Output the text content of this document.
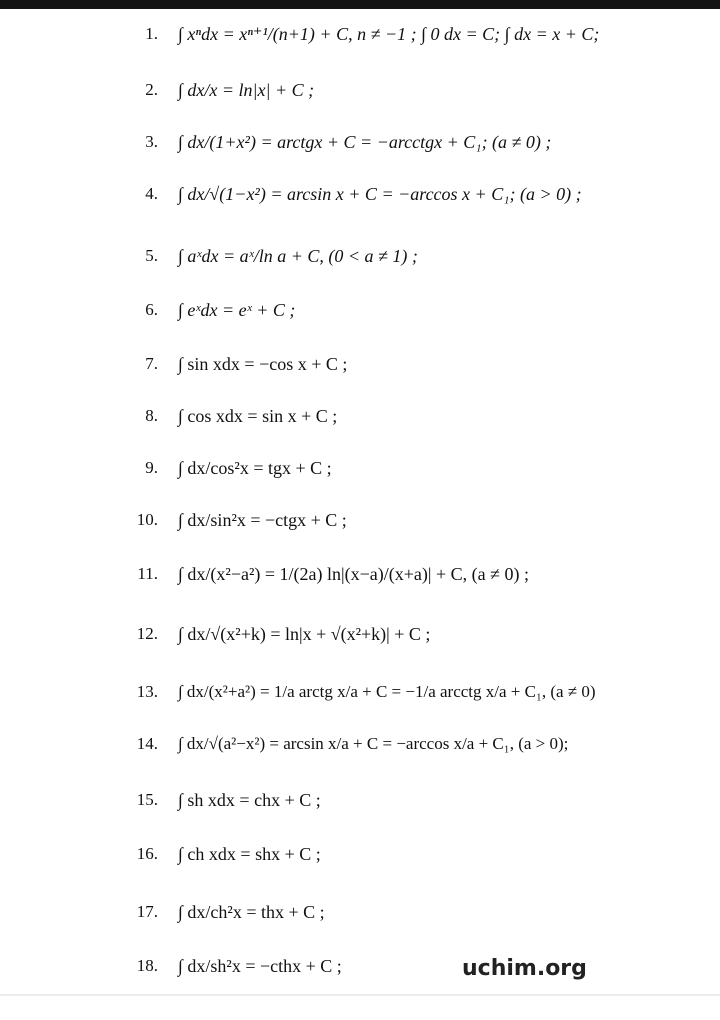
1. ∫ xⁿdx = xⁿ⁺¹/(n+1) + C, n ≠ −1 ; ∫ 0 dx = C; ∫ dx = x + C;
2. ∫ dx/x = ln|x| + C ;
3. ∫ dx/(1+x²) = arctgx + C = −arcctgx + C₁; (a ≠ 0) ;
4. ∫ dx/√(1−x²) = arcsin x + C = −arccos x + C₁; (a > 0) ;
5. ∫ aˣdx = aˣ/ln a + C, (0 < a ≠ 1) ;
6. ∫ eˣdx = eˣ + C ;
7. ∫ sin xdx = −cos x + C ;
8. ∫ cos xdx = sin x + C ;
9. ∫ dx/cos²x = tgx + C ;
10. ∫ dx/sin²x = −ctgx + C ;
11. ∫ dx/(x²−a²) = 1/(2a) ln|(x−a)/(x+a)| + C, (a ≠ 0) ;
12. ∫ dx/√(x²+k) = ln|x + √(x²+k)| + C ;
13. ∫ dx/(x²+a²) = 1/a arctg x/a + C = −1/a arcctg x/a + C₁, (a ≠ 0)
14. ∫ dx/√(a²−x²) = arcsin x/a + C = −arccos x/a + C₁, (a > 0);
15. ∫ sh xdx = chx + C ;
16. ∫ ch xdx = shx + C ;
17. ∫ dx/ch²x = thx + C ;
18. ∫ dx/sh²x = −cthx + C ;	uchim.org
